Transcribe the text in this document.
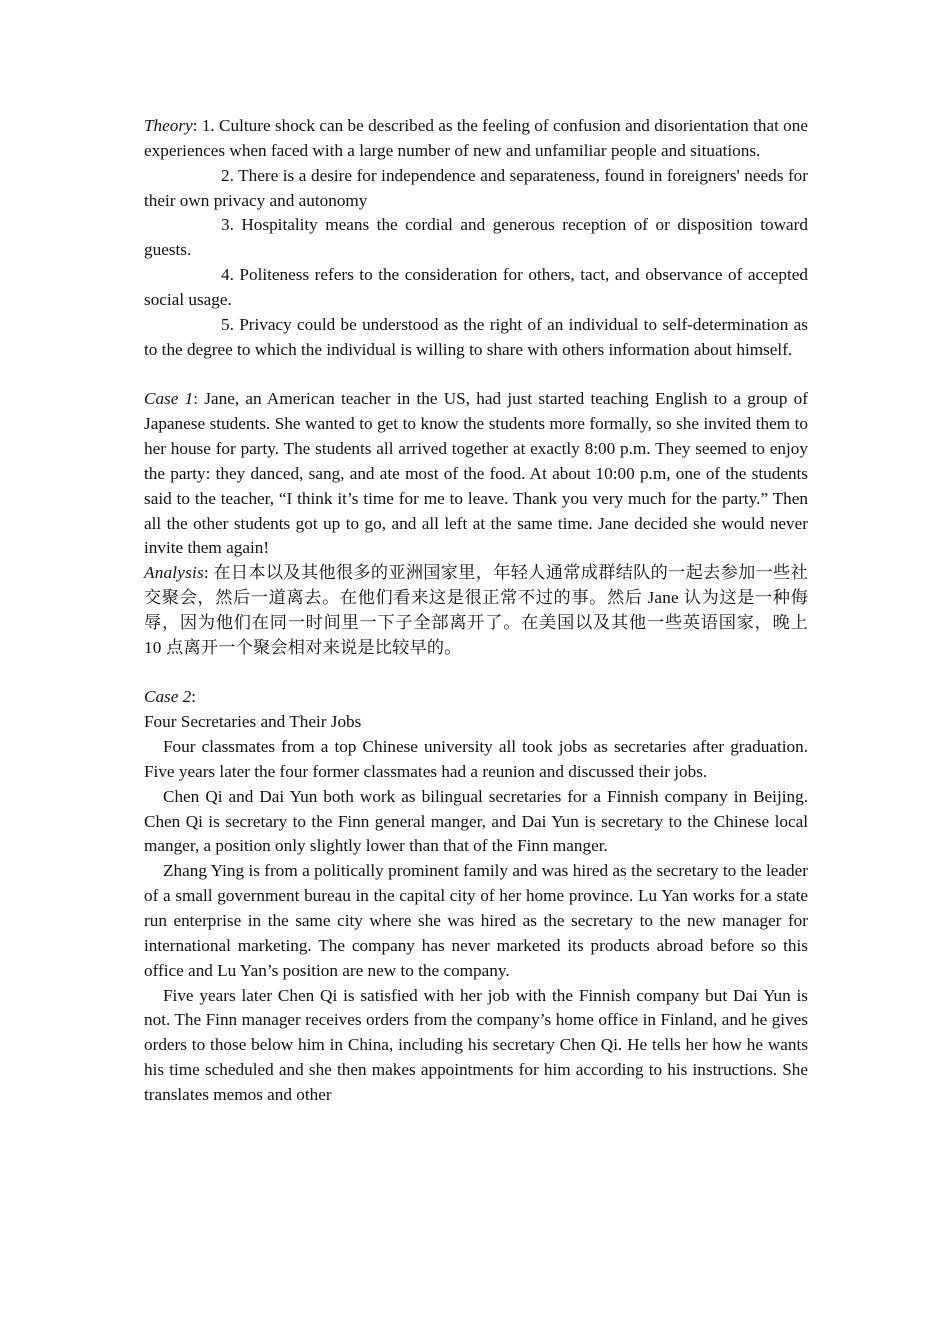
Theory: 1. Culture shock can be described as the feeling of confusion and disorientation that one experiences when faced with a large number of new and unfamiliar people and situations.

2. There is a desire for independence and separateness, found in foreigners' needs for their own privacy and autonomy

3. Hospitality means the cordial and generous reception of or disposition toward guests.

4. Politeness refers to the consideration for others, tact, and observance of accepted social usage.

5. Privacy could be understood as the right of an individual to self-determination as to the degree to which the individual is willing to share with others information about himself.

Case 1: Jane, an American teacher in the US, had just started teaching English to a group of Japanese students. She wanted to get to know the students more formally, so she invited them to her house for party. The students all arrived together at exactly 8:00 p.m. They seemed to enjoy the party: they danced, sang, and ate most of the food. At about 10:00 p.m, one of the students said to the teacher, “I think it’s time for me to leave. Thank you very much for the party.” Then all the other students got up to go, and all left at the same time. Jane decided she would never invite them again!

Analysis: 在日本以及其他很多的亚洲国家里，年轻人通常成群结队的一起去参加一些社交聚会，然后一道离去。在他们看来这是很正常不过的事。然后 Jane 认为这是一种侮辱，因为他们在同一时间里一下子全部离开了。在美国以及其他一些英语国家，晚上 10 点离开一个聚会相对来说是比较早的。

Case 2:

Four Secretaries and Their Jobs

Four classmates from a top Chinese university all took jobs as secretaries after graduation. Five years later the four former classmates had a reunion and discussed their jobs.

Chen Qi and Dai Yun both work as bilingual secretaries for a Finnish company in Beijing. Chen Qi is secretary to the Finn general manger, and Dai Yun is secretary to the Chinese local manger, a position only slightly lower than that of the Finn manger.

Zhang Ying is from a politically prominent family and was hired as the secretary to the leader of a small government bureau in the capital city of her home province. Lu Yan works for a state run enterprise in the same city where she was hired as the secretary to the new manager for international marketing. The company has never marketed its products abroad before so this office and Lu Yan’s position are new to the company.

Five years later Chen Qi is satisfied with her job with the Finnish company but Dai Yun is not. The Finn manager receives orders from the company’s home office in Finland, and he gives orders to those below him in China, including his secretary Chen Qi. He tells her how he wants his time scheduled and she then makes appointments for him according to his instructions. She translates memos and other
